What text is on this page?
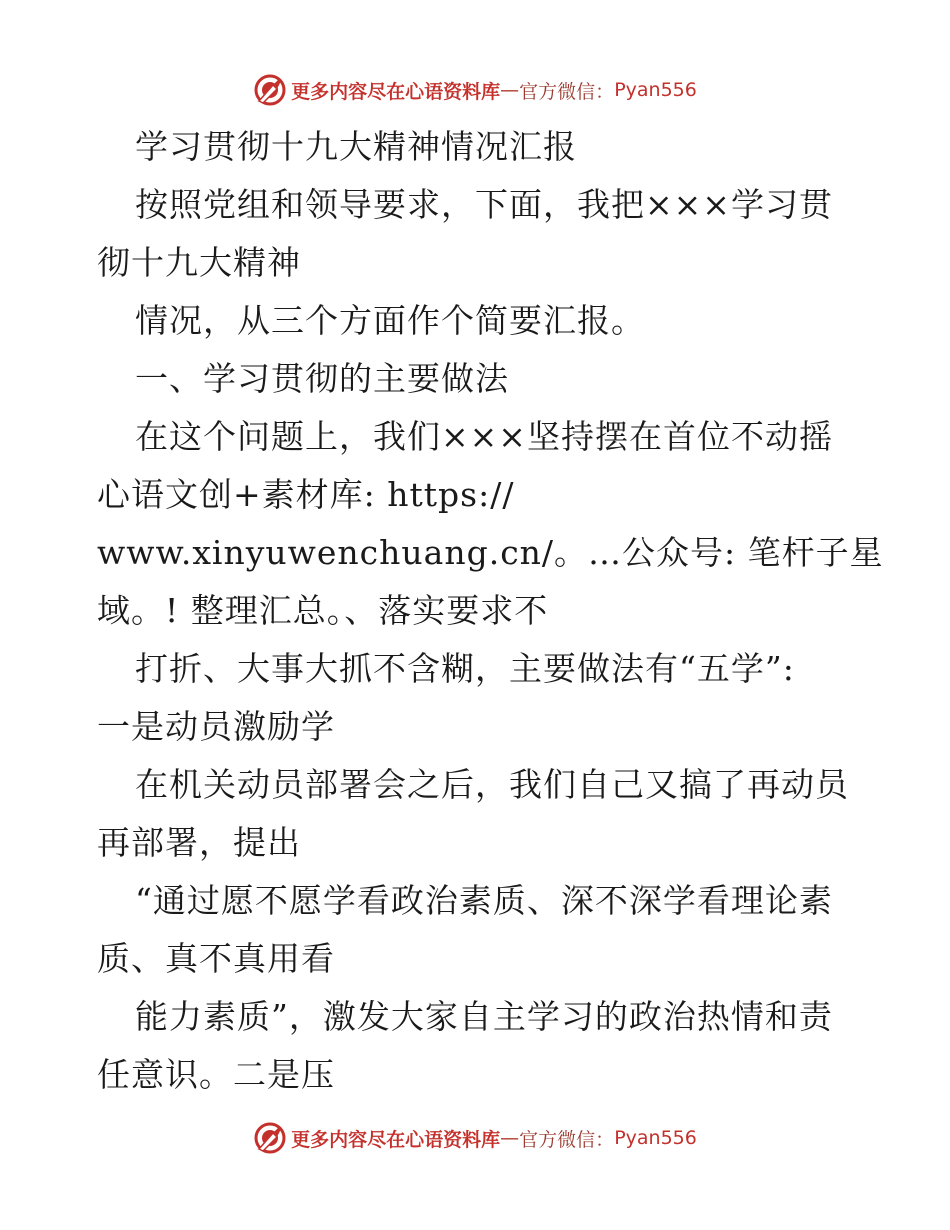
更多内容尽在心语资料库 — 官方微信： Pyan556
学习贯彻十九大精神情况汇报
按照党组和领导要求，下面，我把×××学习贯
彻十九大精神
情况，从三个方面作个简要汇报。
一、学习贯彻的主要做法
在这个问题上，我们×××坚持摆在首位不动摇
心语文创+素材库: https://
www.xinyuwenchuang.cn/。…公众号: 笔杆子星
域。! 整理汇总。、落实要求不
打折、大事大抓不含糊，主要做法有“五学”:
一是动员激励学
在机关动员部署会之后，我们自己又搞了再动员
再部署，提出
“通过愿不愿学看政治素质、深不深学看理论素
质、真不真用看
能力素质”，激发大家自主学习的政治热情和责
任意识。二是压
更多内容尽在心语资料库 — 官方微信： Pyan556
